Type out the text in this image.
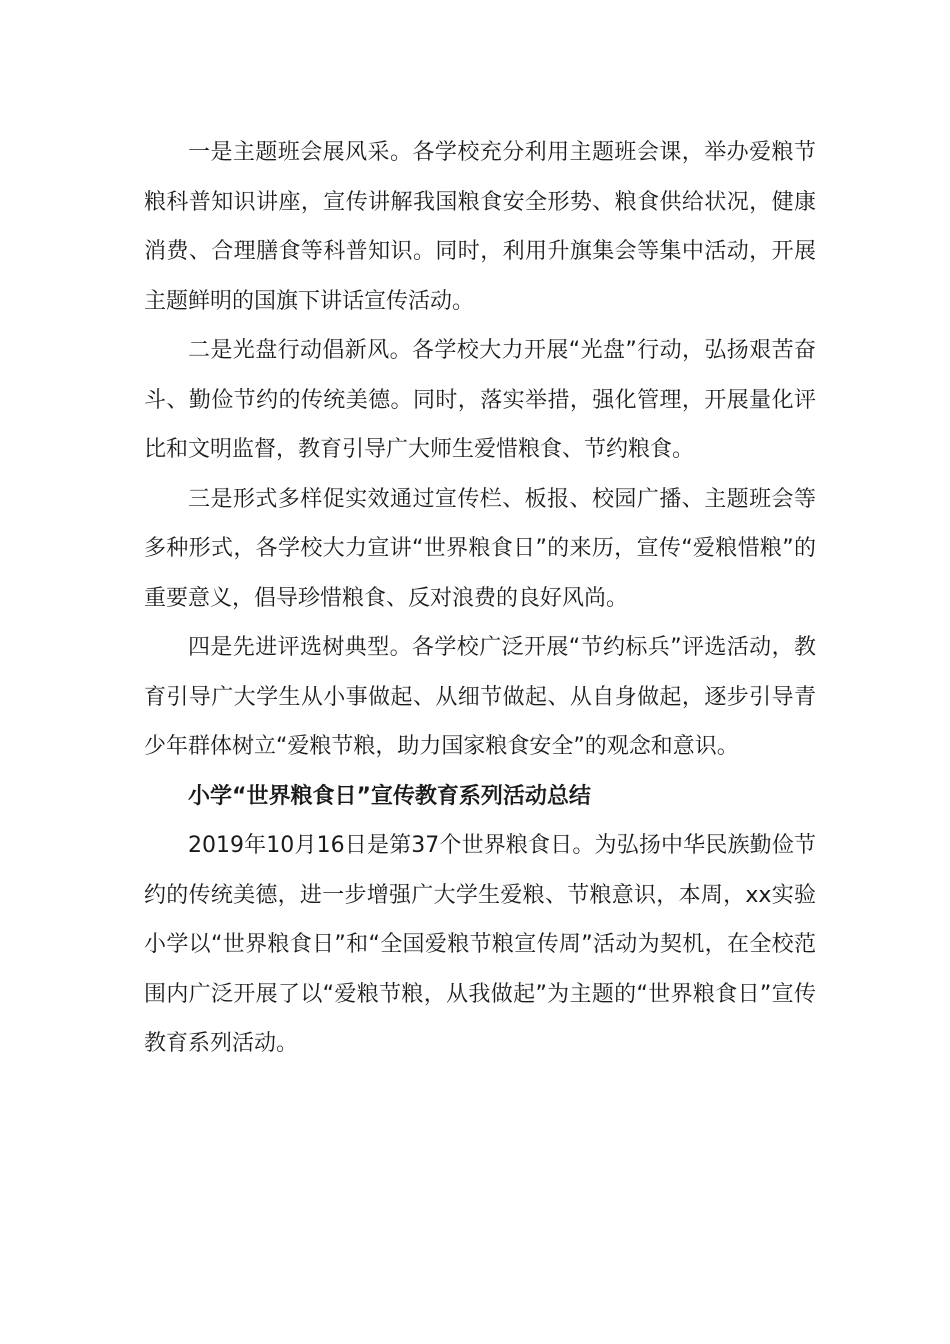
一是主题班会展风采。各学校充分利用主题班会课，举办爱粮节粮科普知识讲座，宣传讲解我国粮食安全形势、粮食供给状况，健康消费、合理膳食等科普知识。同时，利用升旗集会等集中活动，开展主题鲜明的国旗下讲话宣传活动。

二是光盘行动倡新风。各学校大力开展“光盘”行动，弘扬艰苦奋斗、勤俭节约的传统美德。同时，落实举措，强化管理，开展量化评比和文明监督，教育引导广大师生爱惜粮食、节约粮食。

三是形式多样促实效通过宣传栏、板报、校园广播、主题班会等多种形式，各学校大力宣讲“世界粮食日”的来历，宣传“爱粮惜粮”的重要意义，倡导珍惜粮食、反对浪费的良好风尚。

四是先进评选树典型。各学校广泛开展“节约标兵”评选活动，教育引导广大学生从小事做起、从细节做起、从自身做起，逐步引导青少年群体树立“爱粮节粮，助力国家粮食安全”的观念和意识。

小学“世界粮食日”宣传教育系列活动总结

2019年10月16日是第37个世界粮食日。为弘扬中华民族勤俭节约的传统美德，进一步增强广大学生爱粮、节粮意识，本周，xx实验小学以“世界粮食日”和“全国爱粮节粮宣传周”活动为契机，在全校范围内广泛开展了以“爱粮节粮，从我做起”为主题的“世界粮食日”宣传教育系列活动。
